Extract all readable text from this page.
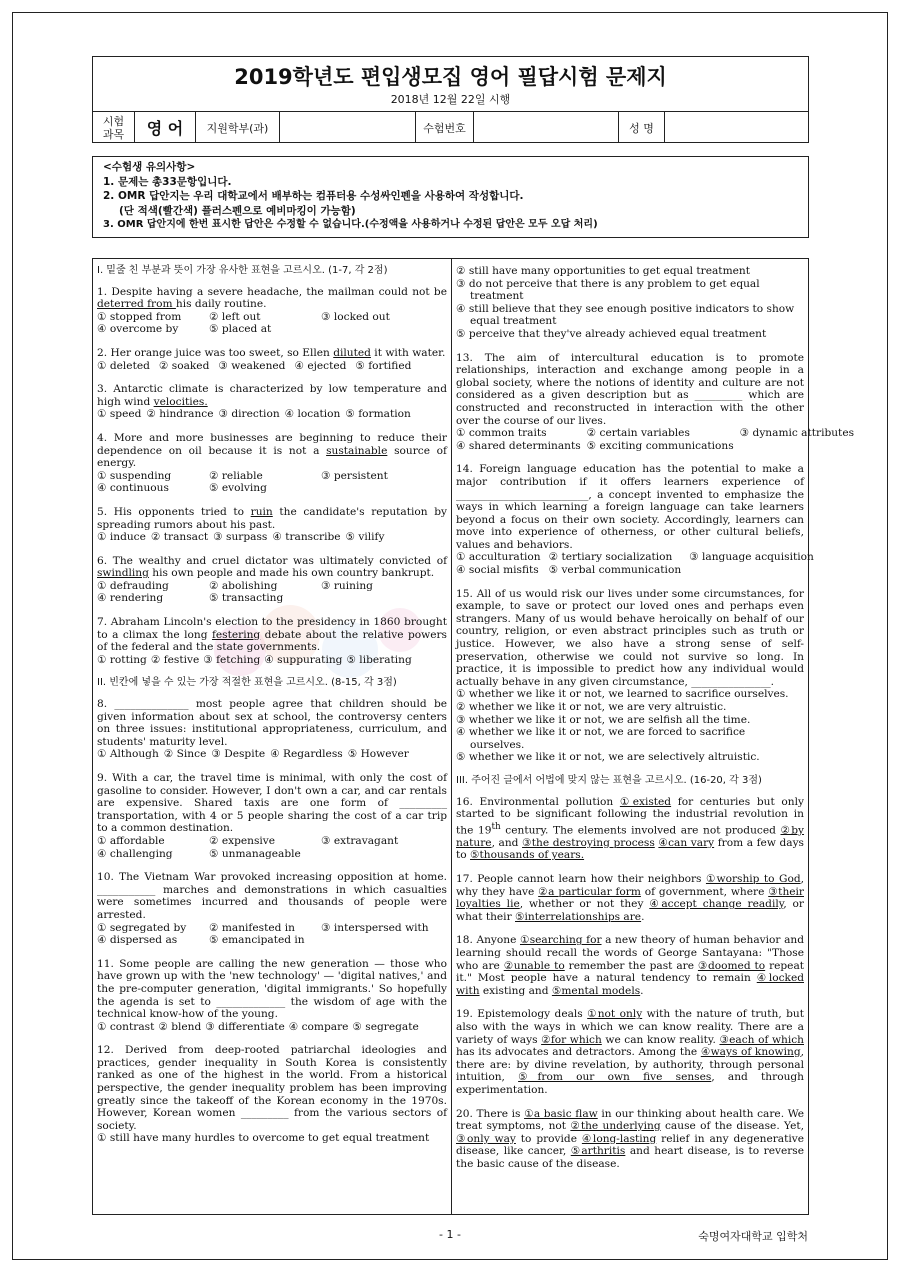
2019학년도 편입생모집 영어 필답시험 문제지
2018년 12월 22일 시행
시험
과목	영 어	지원학부(과)	수험번호	성 명
<수험생 유의사항>
1. 문제는 총33문항입니다.
2. OMR 답안지는 우리 대학교에서 배부하는 컴퓨터용 수성싸인펜을 사용하여 작성합니다.
(단 적색(빨간색) 플러스펜으로 예비마킹이 가능함)
3. OMR 답안지에 한번 표시한 답안은 수정할 수 없습니다.(수정액을 사용하거나 수정된 답안은 모두 오답 처리)
I. 밑줄 친 부분과 뜻이 가장 유사한 표현을 고르시오. (1-7, 각 2점)

1. Despite having a severe headache, the mailman could not be deterred from his daily routine.

① stopped from	② left out	③ locked out
④ overcome by	⑤ placed at

2. Her orange juice was too sweet, so Ellen diluted it with water.

① deleted ② soaked ③ weakened ④ ejected ⑤ fortified

3. Antarctic climate is characterized by low temperature and high wind velocities.

① speed ② hindrance ③ direction ④ location ⑤ formation

4. More and more businesses are beginning to reduce their dependence on oil because it is not a sustainable source of energy.

① suspending	② reliable	③ persistent
④ continuous	⑤ evolving

5. His opponents tried to ruin the candidate's reputation by spreading rumors about his past.

① induce ② transact ③ surpass ④ transcribe ⑤ vilify

6. The wealthy and cruel dictator was ultimately convicted of swindling his own people and made his own country bankrupt.

① defrauding	② abolishing	③ ruining
④ rendering	⑤ transacting

7. Abraham Lincoln's election to the presidency in 1860 brought to a climax the long festering debate about the relative powers of the federal and the state governments.

① rotting ② festive ③ fetching ④ suppurating ⑤ liberating
II. 빈칸에 넣을 수 있는 가장 적절한 표현을 고르시오. (8-15, 각 3점)

8. ______________ most people agree that children should be given information about sex at school, the controversy centers on three issues: institutional appropriateness, curriculum, and students' maturity level.

① Although ② Since ③ Despite ④ Regardless ⑤ However

9. With a car, the travel time is minimal, with only the cost of gasoline to consider. However, I don't own a car, and car rentals are expensive. Shared taxis are one form of _________ transportation, with 4 or 5 people sharing the cost of a car trip to a common destination.

① affordable	② expensive	③ extravagant
④ challenging	⑤ unmanageable

10. The Vietnam War provoked increasing opposition at home. ___________ marches and demonstrations in which casualties were sometimes incurred and thousands of people were arrested.

① segregated by	② manifested in	③ interspersed with
④ dispersed as	⑤ emancipated in

11. Some people are calling the new generation — those who have grown up with the 'new technology' — 'digital natives,' and the pre-computer generation, 'digital immigrants.' So hopefully the agenda is set to _____________ the wisdom of age with the technical know-how of the young.

① contrast ② blend ③ differentiate ④ compare ⑤ segregate

12. Derived from deep-rooted patriarchal ideologies and practices, gender inequality in South Korea is consistently ranked as one of the highest in the world. From a historical perspective, the gender inequality problem has been improving greatly since the takeoff of the Korean economy in the 1970s. However, Korean women _________ from the various sectors of society.

① still have many hurdles to overcome to get equal treatment
② still have many opportunities to get equal treatment
③ do not perceive that there is any problem to get equal
treatment
④ still believe that they see enough positive indicators to show
equal treatment
⑤ perceive that they've already achieved equal treatment

13. The aim of intercultural education is to promote relationships, interaction and exchange among people in a global society, where the notions of identity and culture are not considered as a given description but as _________ which are constructed and reconstructed in interaction with the other over the course of our lives.

① common traits	② certain variables	③ dynamic attributes
④ shared determinants ⑤ exciting communications

14. Foreign language education has the potential to make a major contribution if it offers learners experience of _________________________, a concept invented to emphasize the ways in which learning a foreign language can take learners beyond a focus on their own society. Accordingly, learners can move into experience of otherness, or other cultural beliefs, values and behaviors.

① acculturation ② tertiary socialization	③ language acquisition
④ social misfits ⑤ verbal communication

15. All of us would risk our lives under some circumstances, for example, to save or protect our loved ones and perhaps even strangers. Many of us would behave heroically on behalf of our country, religion, or even abstract principles such as truth or justice. However, we also have a strong sense of self-preservation, otherwise we could not survive so long. In practice, it is impossible to predict how any individual would actually behave in any given circumstance, _______________.

① whether we like it or not, we learned to sacrifice ourselves.
② whether we like it or not, we are very altruistic.
③ whether we like it or not, we are selfish all the time.
④ whether we like it or not, we are forced to sacrifice
ourselves.
⑤ whether we like it or not, we are selectively altruistic.
III. 주어진 글에서 어법에 맞지 않는 표현을 고르시오. (16-20, 각 3점)

16. Environmental pollution ①existed for centuries but only started to be significant following the industrial revolution in the 19th century. The elements involved are not produced ②by nature, and ③the destroying process ④can vary from a few days to ⑤thousands of years.

17. People cannot learn how their neighbors ①worship to God, why they have ②a particular form of government, where ③their loyalties lie, whether or not they ④accept change readily, or what their ⑤interrelationships are.

18. Anyone ①searching for a new theory of human behavior and learning should recall the words of George Santayana: "Those who are ②unable to remember the past are ③doomed to repeat it." Most people have a natural tendency to remain ④locked with existing and ⑤mental models.

19. Epistemology deals ①not only with the nature of truth, but also with the ways in which we can know reality. There are a variety of ways ②for which we can know reality. ③each of which has its advocates and detractors. Among the ④ways of knowing, there are: by divine revelation, by authority, through personal intuition, ⑤from our own five senses, and through experimentation.

20. There is ①a basic flaw in our thinking about health care. We treat symptoms, not ②the underlying cause of the disease. Yet, ③only way to provide ④long-lasting relief in any degenerative disease, like cancer, ⑤arthritis and heart disease, is to reverse the basic cause of the disease.

- 1 -	숙명여자대학교 입학처
